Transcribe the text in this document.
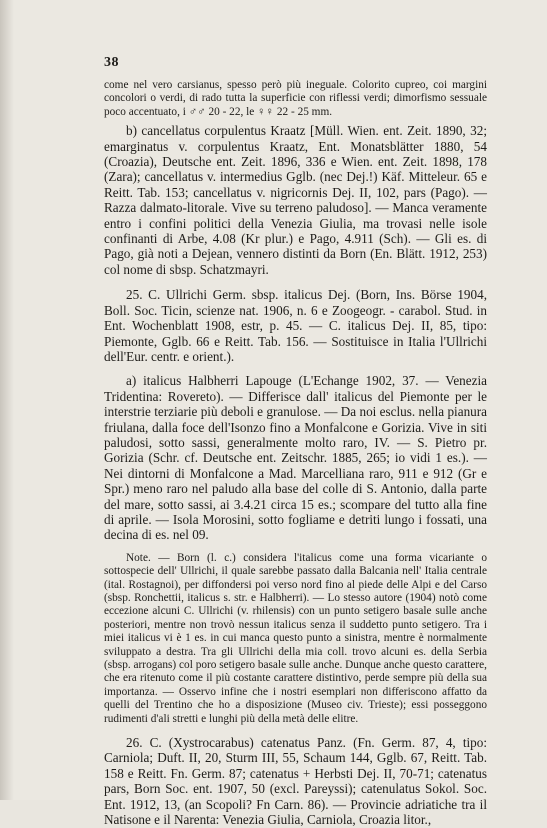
38

come nel vero carsianus, spesso però più ineguale. Colorito cupreo, coi margini concolori o verdi, di rado tutta la superficie con riflessi verdi; dimorfismo sessuale poco accentuato, i ♂♂ 20 - 22, le ♀♀ 22 - 25 mm.

b) cancellatus corpulentus Kraatz [Müll. Wien. ent. Zeit. 1890, 32; emarginatus v. corpulentus Kraatz, Ent. Monatsblätter 1880, 54 (Croazia), Deutsche ent. Zeit. 1896, 336 e Wien. ent. Zeit. 1898, 178 (Zara); cancellatus v. intermedius Gglb. (nec Dej.!) Käf. Mitteleur. 65 e Reitt. Tab. 153; cancellatus v. nigricornis Dej. II, 102, pars (Pago). — Razza dalmato-litorale. Vive su terreno paludoso]. — Manca veramente entro i confini politici della Venezia Giulia, ma trovasi nelle isole confinanti di Arbe, 4.08 (Kr plur.) e Pago, 4.911 (Sch). — Gli es. di Pago, già noti a Dejean, vennero distinti da Born (En. Blätt. 1912, 253) col nome di sbsp. Schatzmayri.

25. C. Ullrichi Germ. sbsp. italicus Dej. (Born, Ins. Börse 1904, Boll. Soc. Ticin, scienze nat. 1906, n. 6 e Zoogeogr. - carabol. Stud. in Ent. Wochenblatt 1908, estr, p. 45. — C. italicus Dej. II, 85, tipo: Piemonte, Gglb. 66 e Reitt. Tab. 156. — Sostituisce in Italia l'Ullrichi dell'Eur. centr. e orient.).

a) italicus Halbherri Lapouge (L'Echange 1902, 37. — Venezia Tridentina: Rovereto). — Differisce dall' italicus del Piemonte per le interstrie terziarie più deboli e granulose. — Da noi esclus. nella pianura friulana, dalla foce dell'Isonzo fino a Monfalcone e Gorizia. Vive in siti paludosi, sotto sassi, generalmente molto raro, IV. — S. Pietro pr. Gorizia (Schr. cf. Deutsche ent. Zeitschr. 1885, 265; io vidi 1 es.). — Nei dintorni di Monfalcone a Mad. Marcelliana raro, 911 e 912 (Gr e Spr.) meno raro nel paludo alla base del colle di S. Antonio, dalla parte del mare, sotto sassi, ai 3.4.21 circa 15 es.; scompare del tutto alla fine di aprile. — Isola Morosini, sotto fogliame e detriti lungo i fossati, una decina di es. nel 09.

Note. — Born (l. c.) considera l'italicus come una forma vicariante o sottospecie dell' Ullrichi, il quale sarebbe passato dalla Balcania nell' Italia centrale (ital. Rostagnoi), per diffondersi poi verso nord fino al piede delle Alpi e del Carso (sbsp. Ronchettii, italicus s. str. e Halbherri). — Lo stesso autore (1904) notò come eccezione alcuni C. Ullrichi (v. rhilensis) con un punto setigero basale sulle anche posteriori, mentre non trovò nessun italicus senza il suddetto punto setigero. Tra i miei italicus vi è 1 es. in cui manca questo punto a sinistra, mentre è normalmente sviluppato a destra. Tra gli Ullrichi della mia coll. trovo alcuni es. della Serbia (sbsp. arrogans) col poro setigero basale sulle anche. Dunque anche questo carattere, che era ritenuto come il più costante carattere distintivo, perde sempre più della sua importanza. — Osservo infine che i nostri esemplari non differiscono affatto da quelli del Trentino che ho a disposizione (Museo civ. Trieste); essi posseggono rudimenti d'ali stretti e lunghi più della metà delle elitre.

26. C. (Xystrocarabus) catenatus Panz. (Fn. Germ. 87, 4, tipo: Carniola; Duft. II, 20, Sturm III, 55, Schaum 144, Gglb. 67, Reitt. Tab. 158 e Reitt. Fn. Germ. 87; catenatus + Herbsti Dej. II, 70-71; catenatus pars, Born Soc. ent. 1907, 50 (excl. Pareyssi); catenulatus Sokol. Soc. Ent. 1912, 13, (an Scopoli? Fn Carn. 86). — Provincie adriatiche tra il Natisone e il Narenta: Venezia Giulia, Carniola, Croazia litor.,
